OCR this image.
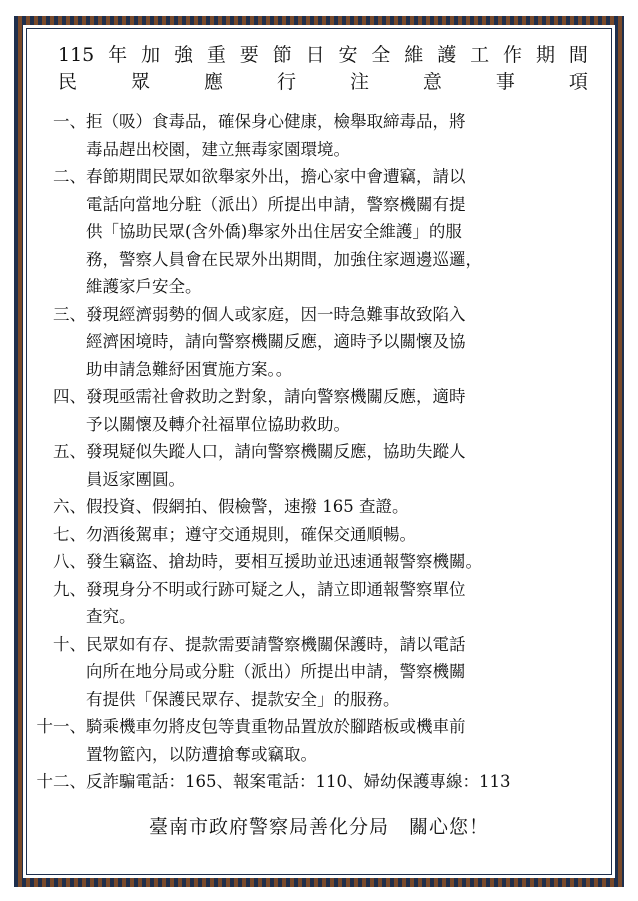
115 年 加 強 重 要 節 日 安 全 維 護 工 作 期 間
民	眾	應	行	注	意	事	項
一、 拒（吸）食毒品，確保身心健康，檢舉取締毒品，將
毒品趕出校園，建立無毒家園環境。
二、 春節期間民眾如欲舉家外出，擔心家中會遭竊，請以
電話向當地分駐（派出）所提出申請，警察機關有提
供「協助民眾(含外僑)舉家外出住居安全維護」的服
務，警察人員會在民眾外出期間，加強住家週邊巡邏，
維護家戶安全。
三、 發現經濟弱勢的個人或家庭，因一時急難事故致陷入
經濟困境時，請向警察機關反應，適時予以關懷及協
助申請急難紓困實施方案。。
四、 發現亟需社會救助之對象，請向警察機關反應，適時
予以關懷及轉介社福單位協助救助。
五、 發現疑似失蹤人口，請向警察機關反應，協助失蹤人
員返家團圓。
六、 假投資、假網拍、假檢警，速撥 165 查證。
七、 勿酒後駕車；遵守交通規則，確保交通順暢。
八、 發生竊盜、搶劫時，要相互援助並迅速通報警察機關。
九、 發現身分不明或行跡可疑之人，請立即通報警察單位
查究。
十、 民眾如有存、提款需要請警察機關保護時，請以電話
向所在地分局或分駐（派出）所提出申請，警察機關
有提供「保護民眾存、提款安全」的服務。
十一、 騎乘機車勿將皮包等貴重物品置放於腳踏板或機車前
置物籃內，以防遭搶奪或竊取。
十二、 反詐騙電話：165、報案電話：110、婦幼保護專線：113
臺南市政府警察局善化分局　關心您！
